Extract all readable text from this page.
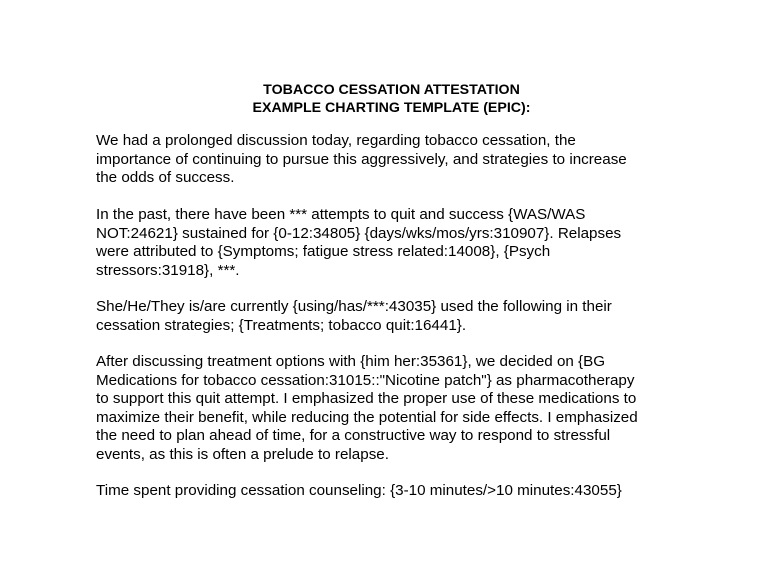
TOBACCO CESSATION ATTESTATION
EXAMPLE CHARTING TEMPLATE (EPIC):
We had a prolonged discussion today, regarding tobacco cessation, the
importance of continuing to pursue this aggressively, and strategies to increase
the odds of success.
In the past, there have been *** attempts to quit and success {WAS/WAS
NOT:24621} sustained for {0-12:34805} {days/wks/mos/yrs:310907}. Relapses
were attributed to {Symptoms; fatigue stress related:14008}, {Psych
stressors:31918}, ***.
She/He/They is/are currently {using/has/***:43035} used the following in their
cessation strategies; {Treatments; tobacco quit:16441}.
After discussing treatment options with {him her:35361}, we decided on {BG
Medications for tobacco cessation:31015::"Nicotine patch"} as pharmacotherapy
to support this quit attempt. I emphasized the proper use of these medications to
maximize their benefit, while reducing the potential for side effects. I emphasized
the need to plan ahead of time, for a constructive way to respond to stressful
events, as this is often a prelude to relapse.
Time spent providing cessation counseling: {3-10 minutes/>10 minutes:43055}
